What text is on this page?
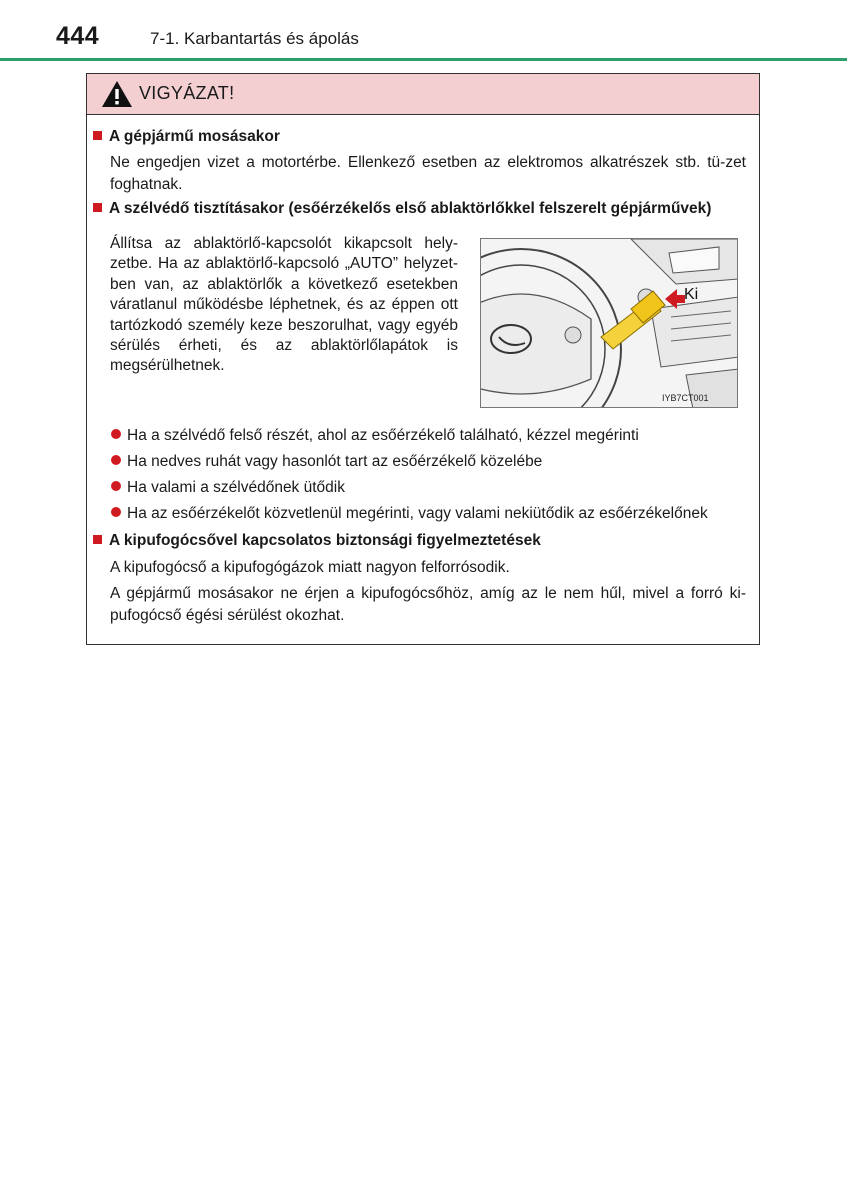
444	7-1. Karbantartás és ápolás
VIGYÁZAT!
A gépjármű mosásakor
Ne engedjen vizet a motortérbe. Ellenkező esetben az elektromos alkatrészek stb. tü-zet foghatnak.
A szélvédő tisztításakor (esőérzékelős első ablaktörlőkkel felszerelt gépjárművek)
Állítsa az ablaktörlő-kapcsolót kikapcsolt hely-zetbe. Ha az ablaktörlő-kapcsoló „AUTO” helyzet-ben van, az ablaktörlők a következő esetekben váratlanul működésbe léphetnek, és az éppen ott tartózkodó személy keze beszorulhat, vagy egyéb sérülés érheti, és az ablaktörlőlapátok is megsérülhetnek.
Ki
IYB7CT001
Ha a szélvédő felső részét, ahol az esőérzékelő található, kézzel megérinti
Ha nedves ruhát vagy hasonlót tart az esőérzékelő közelébe
Ha valami a szélvédőnek ütődik
Ha az esőérzékelőt közvetlenül megérinti, vagy valami nekiütődik az esőérzékelőnek
A kipufogócsővel kapcsolatos biztonsági figyelmeztetések
A kipufogócső a kipufogógázok miatt nagyon felforrósodik.
A gépjármű mosásakor ne érjen a kipufogócsőhöz, amíg az le nem hűl, mivel a forró ki-pufogócső égési sérülést okozhat.
